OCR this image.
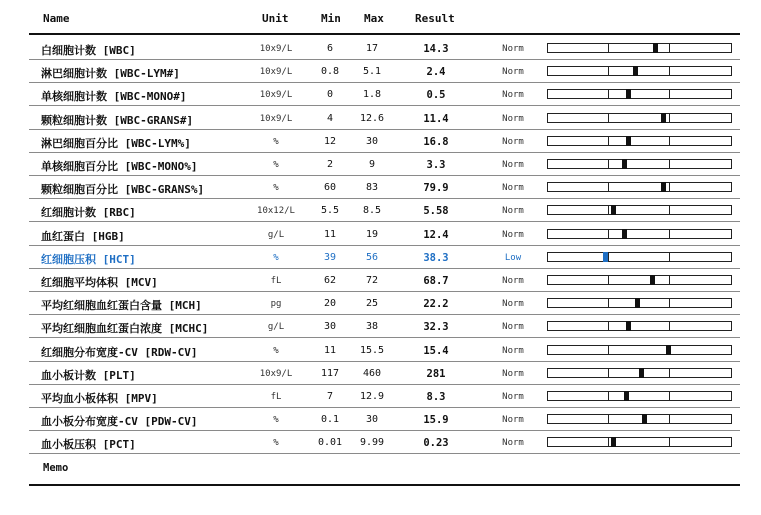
Name	Unit	Min Max	Result
白细胞计数 [WBC]	10x9/L	6	17	14.3	Norm
淋巴细胞计数 [WBC-LYM#]	10x9/L	0.8	5.1	2.4	Norm
单核细胞计数 [WBC-MONO#]	10x9/L	0	1.8	0.5	Norm
颗粒细胞计数 [WBC-GRANS#]	10x9/L	4	12.6	11.4	Norm
淋巴细胞百分比 [WBC-LYM%]	%	12	30	16.8	Norm
单核细胞百分比 [WBC-MONO%]	%	2	9	3.3	Norm
颗粒细胞百分比 [WBC-GRANS%]	%	60	83	79.9	Norm
红细胞计数 [RBC]	10x12/L	5.5	8.5	5.58	Norm
血红蛋白 [HGB]	g/L	11	19	12.4	Norm
红细胞压积 [HCT]	%	39	56	38.3	Low
红细胞平均体积 [MCV]	fL	62	72	68.7	Norm
平均红细胞血红蛋白含量 [MCH]	pg	20	25	22.2	Norm
平均红细胞血红蛋白浓度 [MCHC]	g/L	30	38	32.3	Norm
红细胞分布宽度-CV [RDW-CV]	%	11	15.5	15.4	Norm
血小板计数 [PLT]	10x9/L	117	460	281	Norm
平均血小板体积 [MPV]	fL	7	12.9	8.3	Norm
血小板分布宽度-CV [PDW-CV]	%	0.1	30	15.9	Norm
血小板压积 [PCT]	%	0.01 9.99	0.23	Norm
Memo
